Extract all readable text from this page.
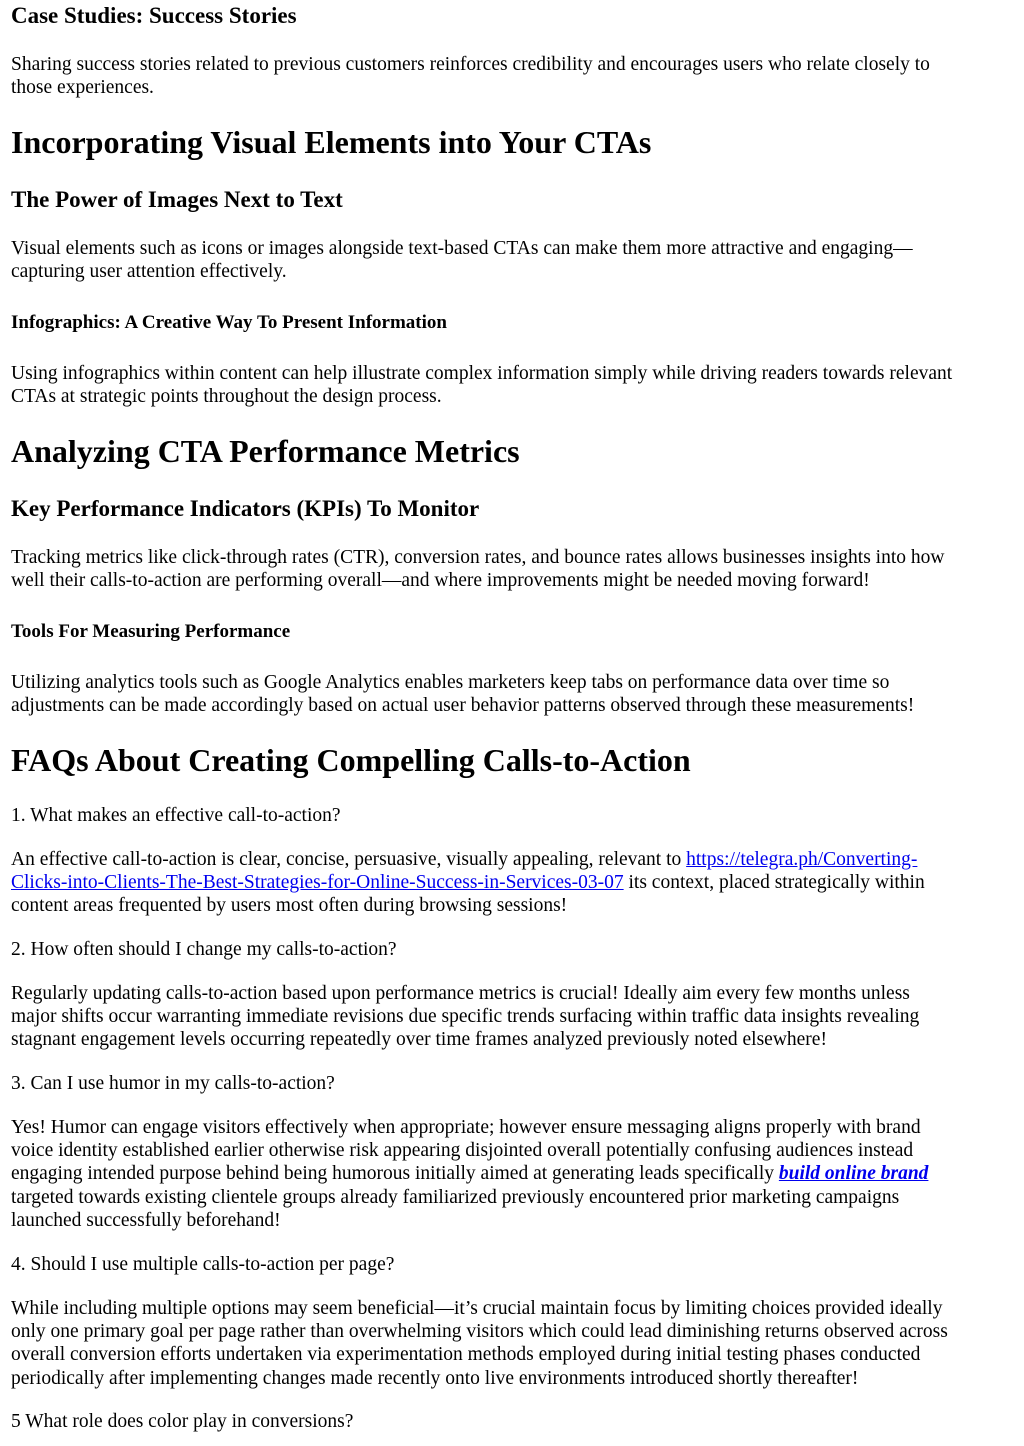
Case Studies: Success Stories

Sharing success stories related to previous customers reinforces credibility and encourages users who relate closely to
those experiences.

Incorporating Visual Elements into Your CTAs
The Power of Images Next to Text

Visual elements such as icons or images alongside text-based CTAs can make them more attractive and engaging—
capturing user attention effectively.

Infographics: A Creative Way To Present Information

Using infographics within content can help illustrate complex information simply while driving readers towards relevant
CTAs at strategic points throughout the design process.

Analyzing CTA Performance Metrics
Key Performance Indicators (KPIs) To Monitor

Tracking metrics like click-through rates (CTR), conversion rates, and bounce rates allows businesses insights into how
well their calls-to-action are performing overall—and where improvements might be needed moving forward!

Tools For Measuring Performance

Utilizing analytics tools such as Google Analytics enables marketers keep tabs on performance data over time so
adjustments can be made accordingly based on actual user behavior patterns observed through these measurements!

FAQs About Creating Compelling Calls-to-Action

1. What makes an effective call-to-action?

An effective call-to-action is clear, concise, persuasive, visually appealing, relevant to https://telegra.ph/Converting-
Clicks-into-Clients-The-Best-Strategies-for-Online-Success-in-Services-03-07 its context, placed strategically within
content areas frequented by users most often during browsing sessions!

2. How often should I change my calls-to-action?

Regularly updating calls-to-action based upon performance metrics is crucial! Ideally aim every few months unless
major shifts occur warranting immediate revisions due specific trends surfacing within traffic data insights revealing
stagnant engagement levels occurring repeatedly over time frames analyzed previously noted elsewhere!

3. Can I use humor in my calls-to-action?

Yes! Humor can engage visitors effectively when appropriate; however ensure messaging aligns properly with brand
voice identity established earlier otherwise risk appearing disjointed overall potentially confusing audiences instead
engaging intended purpose behind being humorous initially aimed at generating leads specifically build online brand
targeted towards existing clientele groups already familiarized previously encountered prior marketing campaigns
launched successfully beforehand!

4. Should I use multiple calls-to-action per page?

While including multiple options may seem beneficial—it’s crucial maintain focus by limiting choices provided ideally
only one primary goal per page rather than overwhelming visitors which could lead diminishing returns observed across
overall conversion efforts undertaken via experimentation methods employed during initial testing phases conducted
periodically after implementing changes made recently onto live environments introduced shortly thereafter!

5 What role does color play in conversions?
